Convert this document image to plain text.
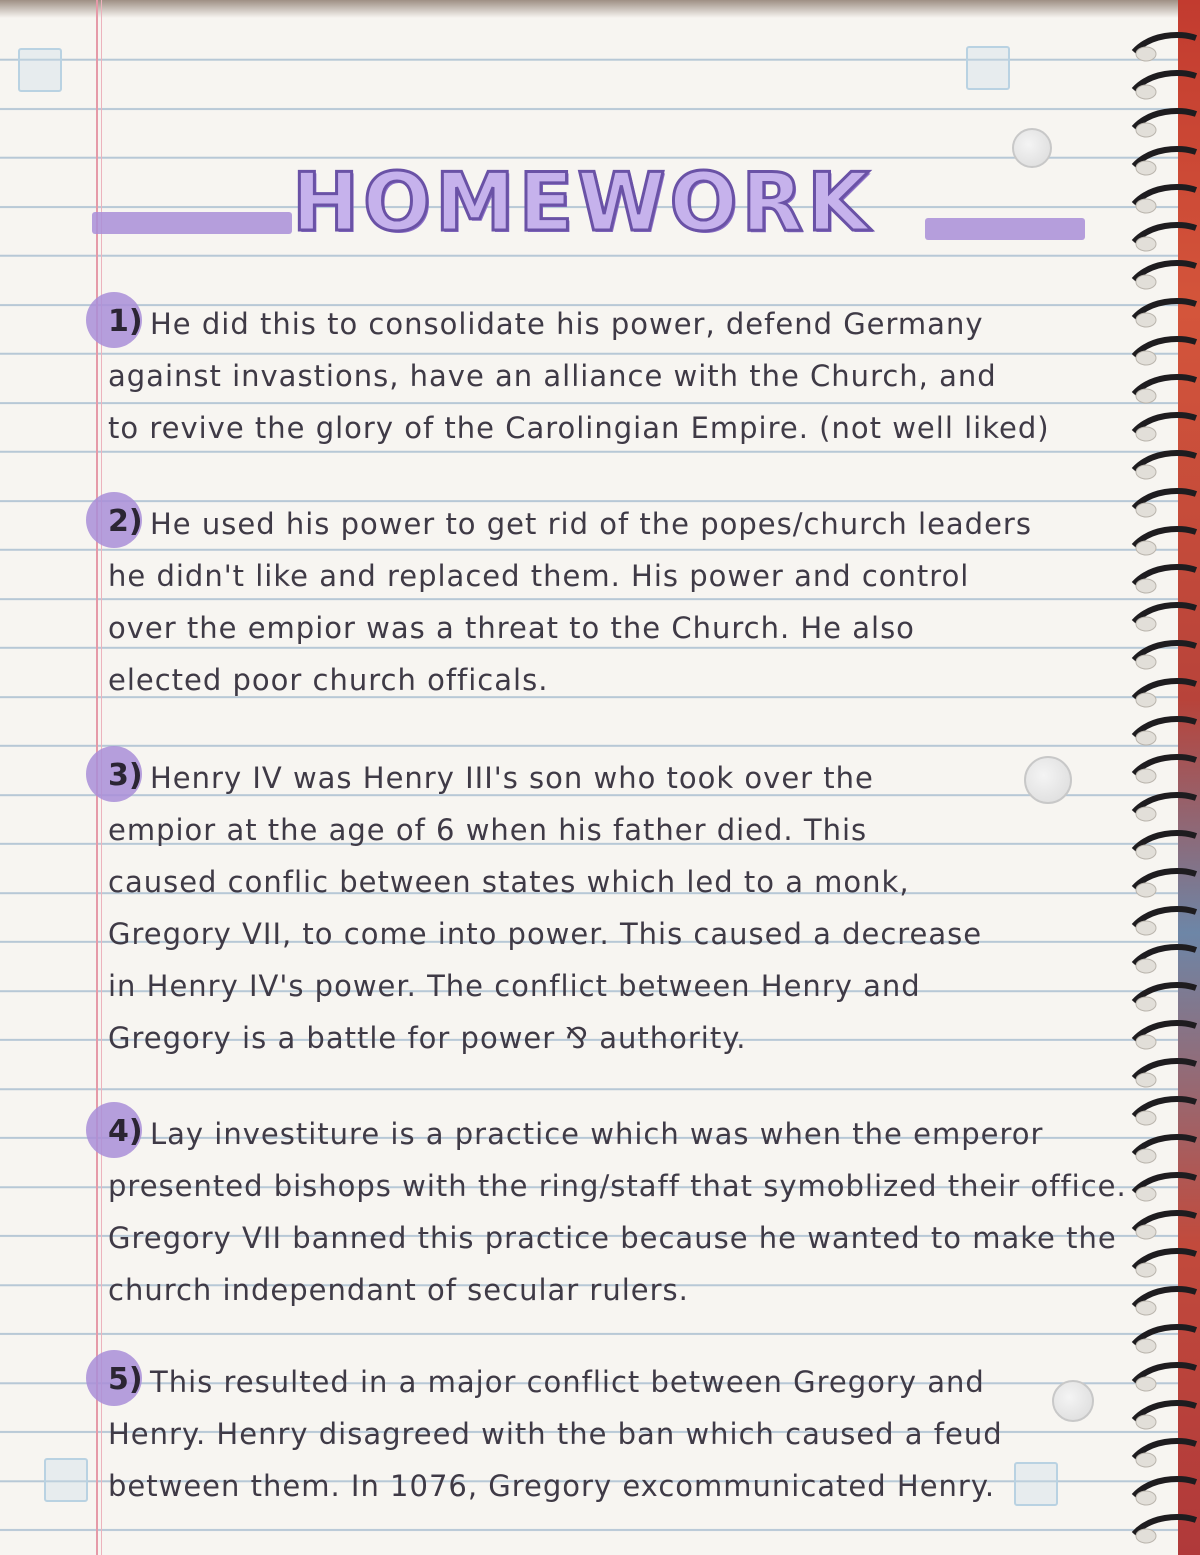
HOMEWORK
1) He did this to consolidate his power, defend Germany
against invastions, have an alliance with the Church, and
to revive the glory of the Carolingian Empire. (not well liked)
2) He used his power to get rid of the popes/church leaders
he didn't like and replaced them. His power and control
over the empior was a threat to the Church. He also
elected poor church officals.
3) Henry IV was Henry III's son who took over the
empior at the age of 6 when his father died. This
caused conflic between states which led to a monk,
Gregory VII, to come into power. This caused a decrease
in Henry IV's power. The conflict between Henry and
Gregory is a battle for power ⅋ authority.
4) Lay investiture is a practice which was when the emperor
presented bishops with the ring/staff that symoblized their office.
Gregory VII banned this practice because he wanted to make the
church independant of secular rulers.
5) This resulted in a major conflict between Gregory and
Henry. Henry disagreed with the ban which caused a feud
between them. In 1076, Gregory excommunicated Henry.
